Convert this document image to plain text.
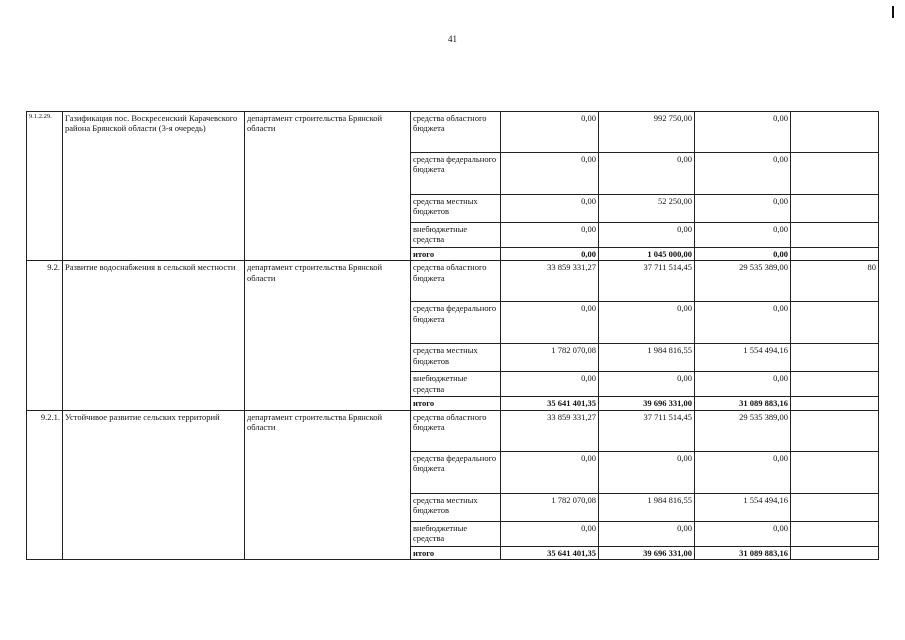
41
9.1.2.29.	Газификация пос. Воскресенский Карачевского района Брянской области (3-я очередь)	департамент строительства Брянской области	средства областного бюджета	0,00	992 750,00	0,00	
			средства федерального бюджета	0,00	0,00	0,00	
			средства местных бюджетов	0,00	52 250,00	0,00	
			внебюджетные средства	0,00	0,00	0,00	
			итого	0,00	1 045 000,00	0,00	
9.2.	Развитие водоснабжения в сельской местности	департамент строительства Брянской области	средства областного бюджета	33 859 331,27	37 711 514,45	29 535 389,00	80
			средства федерального бюджета	0,00	0,00	0,00	
			средства местных бюджетов	1 782 070,08	1 984 816,55	1 554 494,16	
			внебюджетные средства	0,00	0,00	0,00	
			итого	35 641 401,35	39 696 331,00	31 089 883,16	
9.2.1.	Устойчивое развитие сельских территорий	департамент строительства Брянской области	средства областного бюджета	33 859 331,27	37 711 514,45	29 535 389,00	
			средства федерального бюджета	0,00	0,00	0,00	
			средства местных бюджетов	1 782 070,08	1 984 816,55	1 554 494,16	
			внебюджетные средства	0,00	0,00	0,00	
			итого	35 641 401,35	39 696 331,00	31 089 883,16	
